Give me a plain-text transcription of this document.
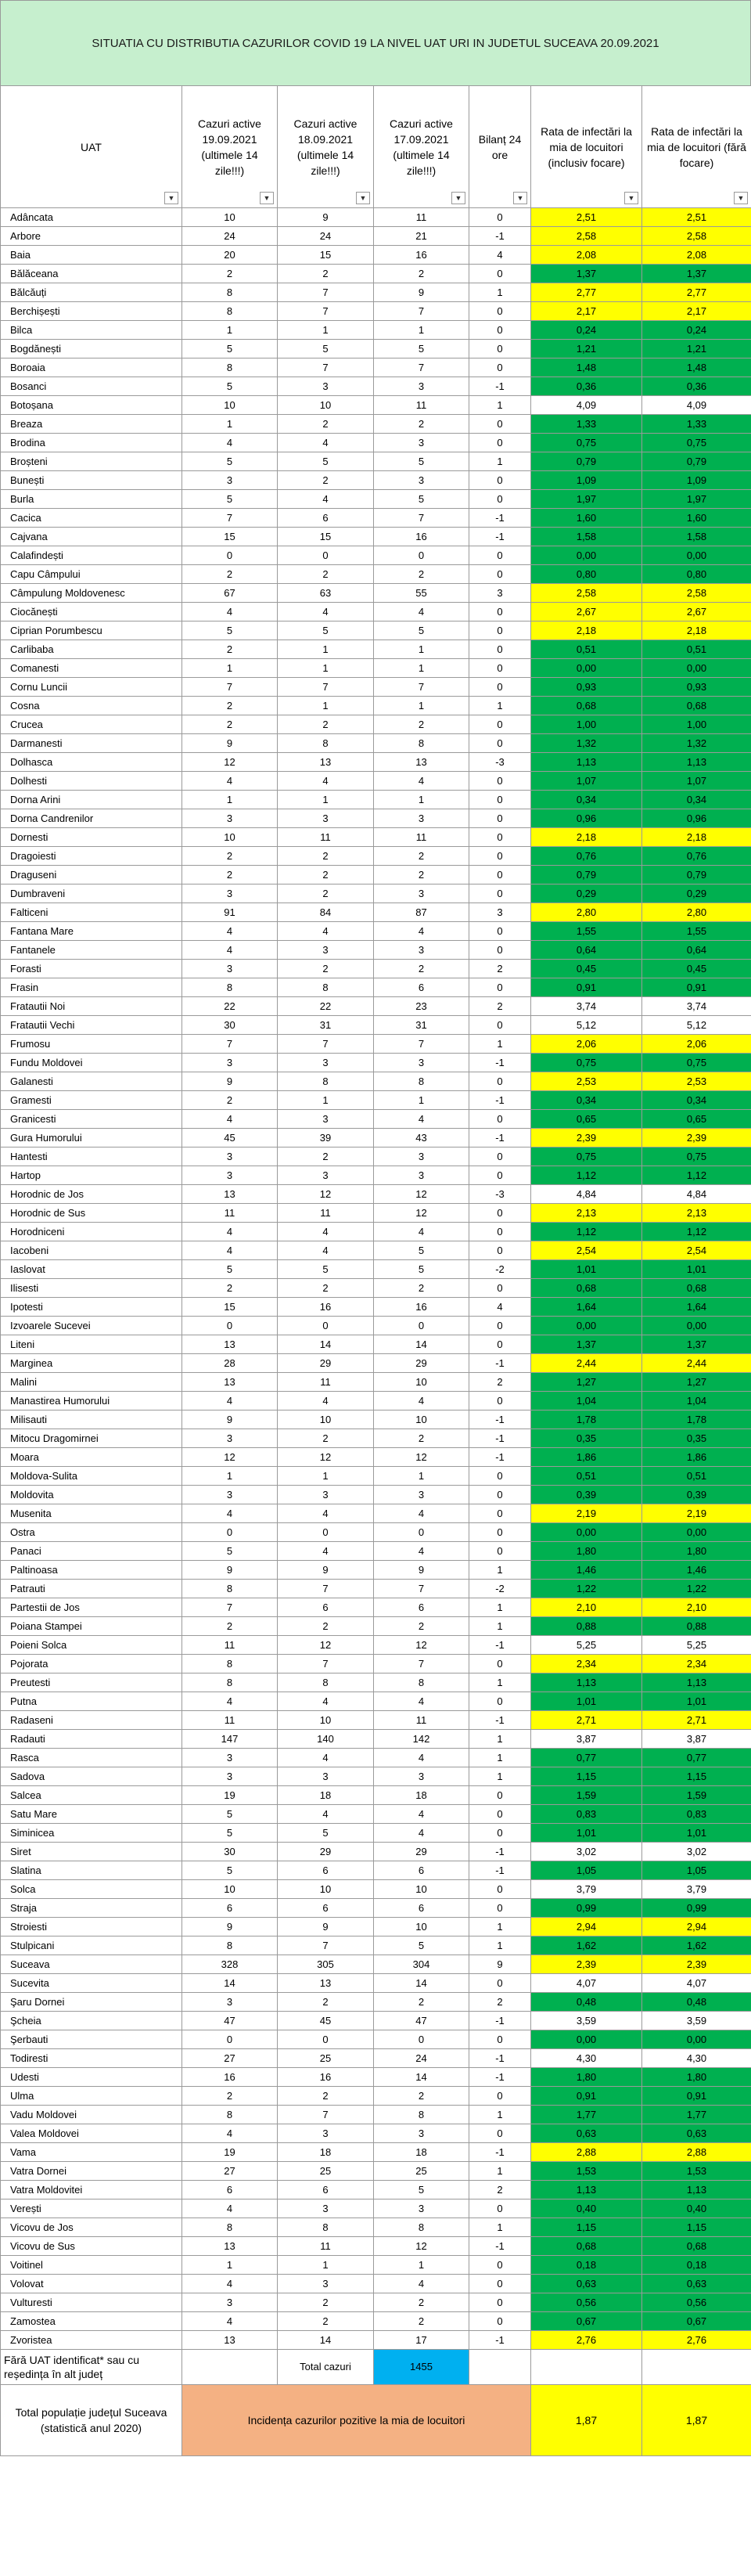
SITUATIA CU DISTRIBUTIA CAZURILOR COVID 19 LA NIVEL UAT URI IN JUDETUL SUCEAVA 20.09.2021
UAT
▼	Cazuri active 19.09.2021 (ultimele 14 zile!!!)
▼	Cazuri active 18.09.2021 (ultimele 14 zile!!!)
▼	Cazuri active 17.09.2021 (ultimele 14 zile!!!)
▼	Bilanț 24 ore
▼	Rata de infectări la mia de locuitori (inclusiv focare)
▼	Rata de infectări la mia de locuitori (fără focare)
▼

Adâncata	10	9	11	0	2,51	2,51
Arbore	24	24	21	-1	2,58	2,58
Baia	20	15	16	4	2,08	2,08
Bălăceana	2	2	2	0	1,37	1,37
Bălcăuți	8	7	9	1	2,77	2,77
Berchișești	8	7	7	0	2,17	2,17
Bilca	1	1	1	0	0,24	0,24
Bogdănești	5	5	5	0	1,21	1,21
Boroaia	8	7	7	0	1,48	1,48
Bosanci	5	3	3	-1	0,36	0,36
Botoșana	10	10	11	1	4,09	4,09
Breaza	1	2	2	0	1,33	1,33
Brodina	4	4	3	0	0,75	0,75
Broșteni	5	5	5	1	0,79	0,79
Bunești	3	2	3	0	1,09	1,09
Burla	5	4	5	0	1,97	1,97
Cacica	7	6	7	-1	1,60	1,60
Cajvana	15	15	16	-1	1,58	1,58
Calafindești	0	0	0	0	0,00	0,00
Capu Câmpului	2	2	2	0	0,80	0,80
Câmpulung Moldovenesc	67	63	55	3	2,58	2,58
Ciocănești	4	4	4	0	2,67	2,67
Ciprian Porumbescu	5	5	5	0	2,18	2,18
Carlibaba	2	1	1	0	0,51	0,51
Comanesti	1	1	1	0	0,00	0,00
Cornu Luncii	7	7	7	0	0,93	0,93
Cosna	2	1	1	1	0,68	0,68
Crucea	2	2	2	0	1,00	1,00
Darmanesti	9	8	8	0	1,32	1,32
Dolhasca	12	13	13	-3	1,13	1,13
Dolhesti	4	4	4	0	1,07	1,07
Dorna Arini	1	1	1	0	0,34	0,34
Dorna Candrenilor	3	3	3	0	0,96	0,96
Dornesti	10	11	11	0	2,18	2,18
Dragoiesti	2	2	2	0	0,76	0,76
Draguseni	2	2	2	0	0,79	0,79
Dumbraveni	3	2	3	0	0,29	0,29
Falticeni	91	84	87	3	2,80	2,80
Fantana Mare	4	4	4	0	1,55	1,55
Fantanele	4	3	3	0	0,64	0,64
Forasti	3	2	2	2	0,45	0,45
Frasin	8	8	6	0	0,91	0,91
Fratautii Noi	22	22	23	2	3,74	3,74
Fratautii Vechi	30	31	31	0	5,12	5,12
Frumosu	7	7	7	1	2,06	2,06
Fundu Moldovei	3	3	3	-1	0,75	0,75
Galanesti	9	8	8	0	2,53	2,53
Gramesti	2	1	1	-1	0,34	0,34
Granicesti	4	3	4	0	0,65	0,65
Gura Humorului	45	39	43	-1	2,39	2,39
Hantesti	3	2	3	0	0,75	0,75
Hartop	3	3	3	0	1,12	1,12
Horodnic de Jos	13	12	12	-3	4,84	4,84
Horodnic de Sus	11	11	12	0	2,13	2,13
Horodniceni	4	4	4	0	1,12	1,12
Iacobeni	4	4	5	0	2,54	2,54
Iaslovat	5	5	5	-2	1,01	1,01
Ilisesti	2	2	2	0	0,68	0,68
Ipotesti	15	16	16	4	1,64	1,64
Izvoarele Sucevei	0	0	0	0	0,00	0,00
Liteni	13	14	14	0	1,37	1,37
Marginea	28	29	29	-1	2,44	2,44
Malini	13	11	10	2	1,27	1,27
Manastirea Humorului	4	4	4	0	1,04	1,04
Milisauti	9	10	10	-1	1,78	1,78
Mitocu Dragomirnei	3	2	2	-1	0,35	0,35
Moara	12	12	12	-1	1,86	1,86
Moldova-Sulita	1	1	1	0	0,51	0,51
Moldovita	3	3	3	0	0,39	0,39
Musenita	4	4	4	0	2,19	2,19
Ostra	0	0	0	0	0,00	0,00
Panaci	5	4	4	0	1,80	1,80
Paltinoasa	9	9	9	1	1,46	1,46
Patrauti	8	7	7	-2	1,22	1,22
Partestii de Jos	7	6	6	1	2,10	2,10
Poiana Stampei	2	2	2	1	0,88	0,88
Poieni Solca	11	12	12	-1	5,25	5,25
Pojorata	8	7	7	0	2,34	2,34
Preutesti	8	8	8	1	1,13	1,13
Putna	4	4	4	0	1,01	1,01
Radaseni	11	10	11	-1	2,71	2,71
Radauti	147	140	142	1	3,87	3,87
Rasca	3	4	4	1	0,77	0,77
Sadova	3	3	3	1	1,15	1,15
Salcea	19	18	18	0	1,59	1,59
Satu Mare	5	4	4	0	0,83	0,83
Siminicea	5	5	4	0	1,01	1,01
Siret	30	29	29	-1	3,02	3,02
Slatina	5	6	6	-1	1,05	1,05
Solca	10	10	10	0	3,79	3,79
Straja	6	6	6	0	0,99	0,99
Stroiesti	9	9	10	1	2,94	2,94
Stulpicani	8	7	5	1	1,62	1,62
Suceava	328	305	304	9	2,39	2,39
Sucevita	14	13	14	0	4,07	4,07
Şaru Dornei	3	2	2	2	0,48	0,48
Şcheia	47	45	47	-1	3,59	3,59
Şerbauti	0	0	0	0	0,00	0,00
Todiresti	27	25	24	-1	4,30	4,30
Udesti	16	16	14	-1	1,80	1,80
Ulma	2	2	2	0	0,91	0,91
Vadu Moldovei	8	7	8	1	1,77	1,77
Valea Moldovei	4	3	3	0	0,63	0,63
Vama	19	18	18	-1	2,88	2,88
Vatra Dornei	27	25	25	1	1,53	1,53
Vatra Moldovitei	6	6	5	2	1,13	1,13
Verești	4	3	3	0	0,40	0,40
Vicovu de Jos	8	8	8	1	1,15	1,15
Vicovu de Sus	13	11	12	-1	0,68	0,68
Voitinel	1	1	1	0	0,18	0,18
Volovat	4	3	4	0	0,63	0,63
Vulturesti	3	2	2	0	0,56	0,56
Zamostea	4	2	2	0	0,67	0,67
Zvoristea	13	14	17	-1	2,76	2,76
Fără UAT identificat* sau cu reședința în alt județ		Total cazuri	1455			
Total populație județul Suceava (statistică anul 2020)	Incidența cazurilor pozitive la mia de locuitori				1,87	1,87
